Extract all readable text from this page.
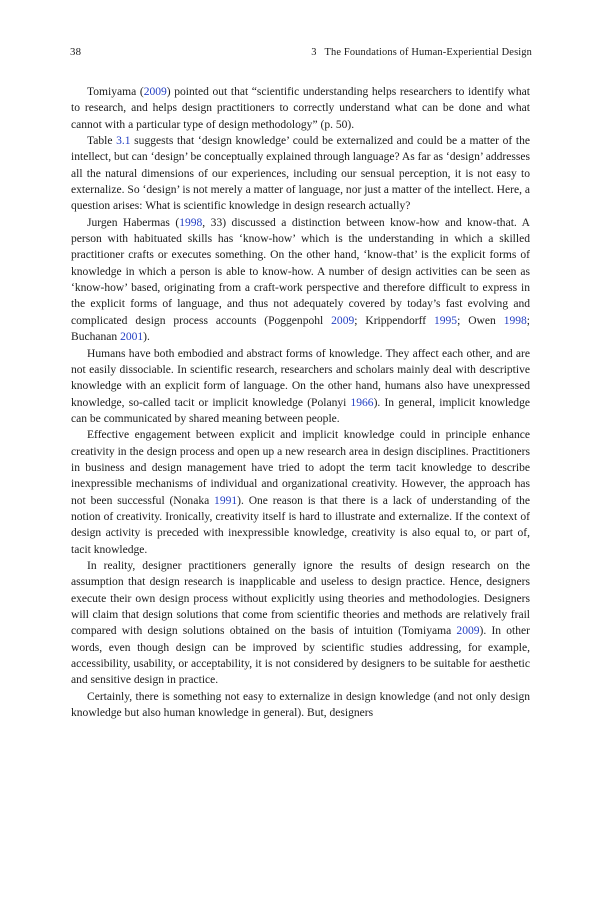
38	3 The Foundations of Human-Experiential Design

Tomiyama (2009) pointed out that “scientific understanding helps researchers to identify what to research, and helps design practitioners to correctly understand what can be done and what cannot with a particular type of design methodology” (p. 50).

Table 3.1 suggests that ‘design knowledge’ could be externalized and could be a matter of the intellect, but can ‘design’ be conceptually explained through language? As far as ‘design’ addresses all the natural dimensions of our experiences, including our sensual perception, it is not easy to externalize. So ‘design’ is not merely a matter of language, nor just a matter of the intellect. Here, a question arises: What is scientific knowledge in design research actually?

Jurgen Habermas (1998, 33) discussed a distinction between know-how and know-that. A person with habituated skills has ‘know-how’ which is the understanding in which a skilled practitioner crafts or executes something. On the other hand, ‘know-that’ is the explicit forms of knowledge in which a person is able to know-how. A number of design activities can be seen as ‘know-how’ based, originating from a craft-work perspective and therefore difficult to express in the explicit forms of language, and thus not adequately covered by today’s fast evolving and complicated design process accounts (Poggenpohl 2009; Krippendorff 1995; Owen 1998; Buchanan 2001).

Humans have both embodied and abstract forms of knowledge. They affect each other, and are not easily dissociable. In scientific research, researchers and scholars mainly deal with descriptive knowledge with an explicit form of language. On the other hand, humans also have unexpressed knowledge, so-called tacit or implicit knowledge (Polanyi 1966). In general, implicit knowledge can be communicated by shared meaning between people.

Effective engagement between explicit and implicit knowledge could in principle enhance creativity in the design process and open up a new research area in design disciplines. Practitioners in business and design management have tried to adopt the term tacit knowledge to describe inexpressible mechanisms of individual and organizational creativity. However, the approach has not been successful (Nonaka 1991). One reason is that there is a lack of understanding of the notion of creativity. Ironically, creativity itself is hard to illustrate and externalize. If the context of design activity is preceded with inexpressible knowledge, creativity is also equal to, or part of, tacit knowledge.

In reality, designer practitioners generally ignore the results of design research on the assumption that design research is inapplicable and useless to design practice. Hence, designers execute their own design process without explicitly using theories and methodologies. Designers will claim that design solutions that come from scientific theories and methods are relatively frail compared with design solutions obtained on the basis of intuition (Tomiyama 2009). In other words, even though design can be improved by scientific studies addressing, for example, accessibility, usability, or acceptability, it is not considered by designers to be suitable for aesthetic and sensitive design in practice.

Certainly, there is something not easy to externalize in design knowledge (and not only design knowledge but also human knowledge in general). But, designers
